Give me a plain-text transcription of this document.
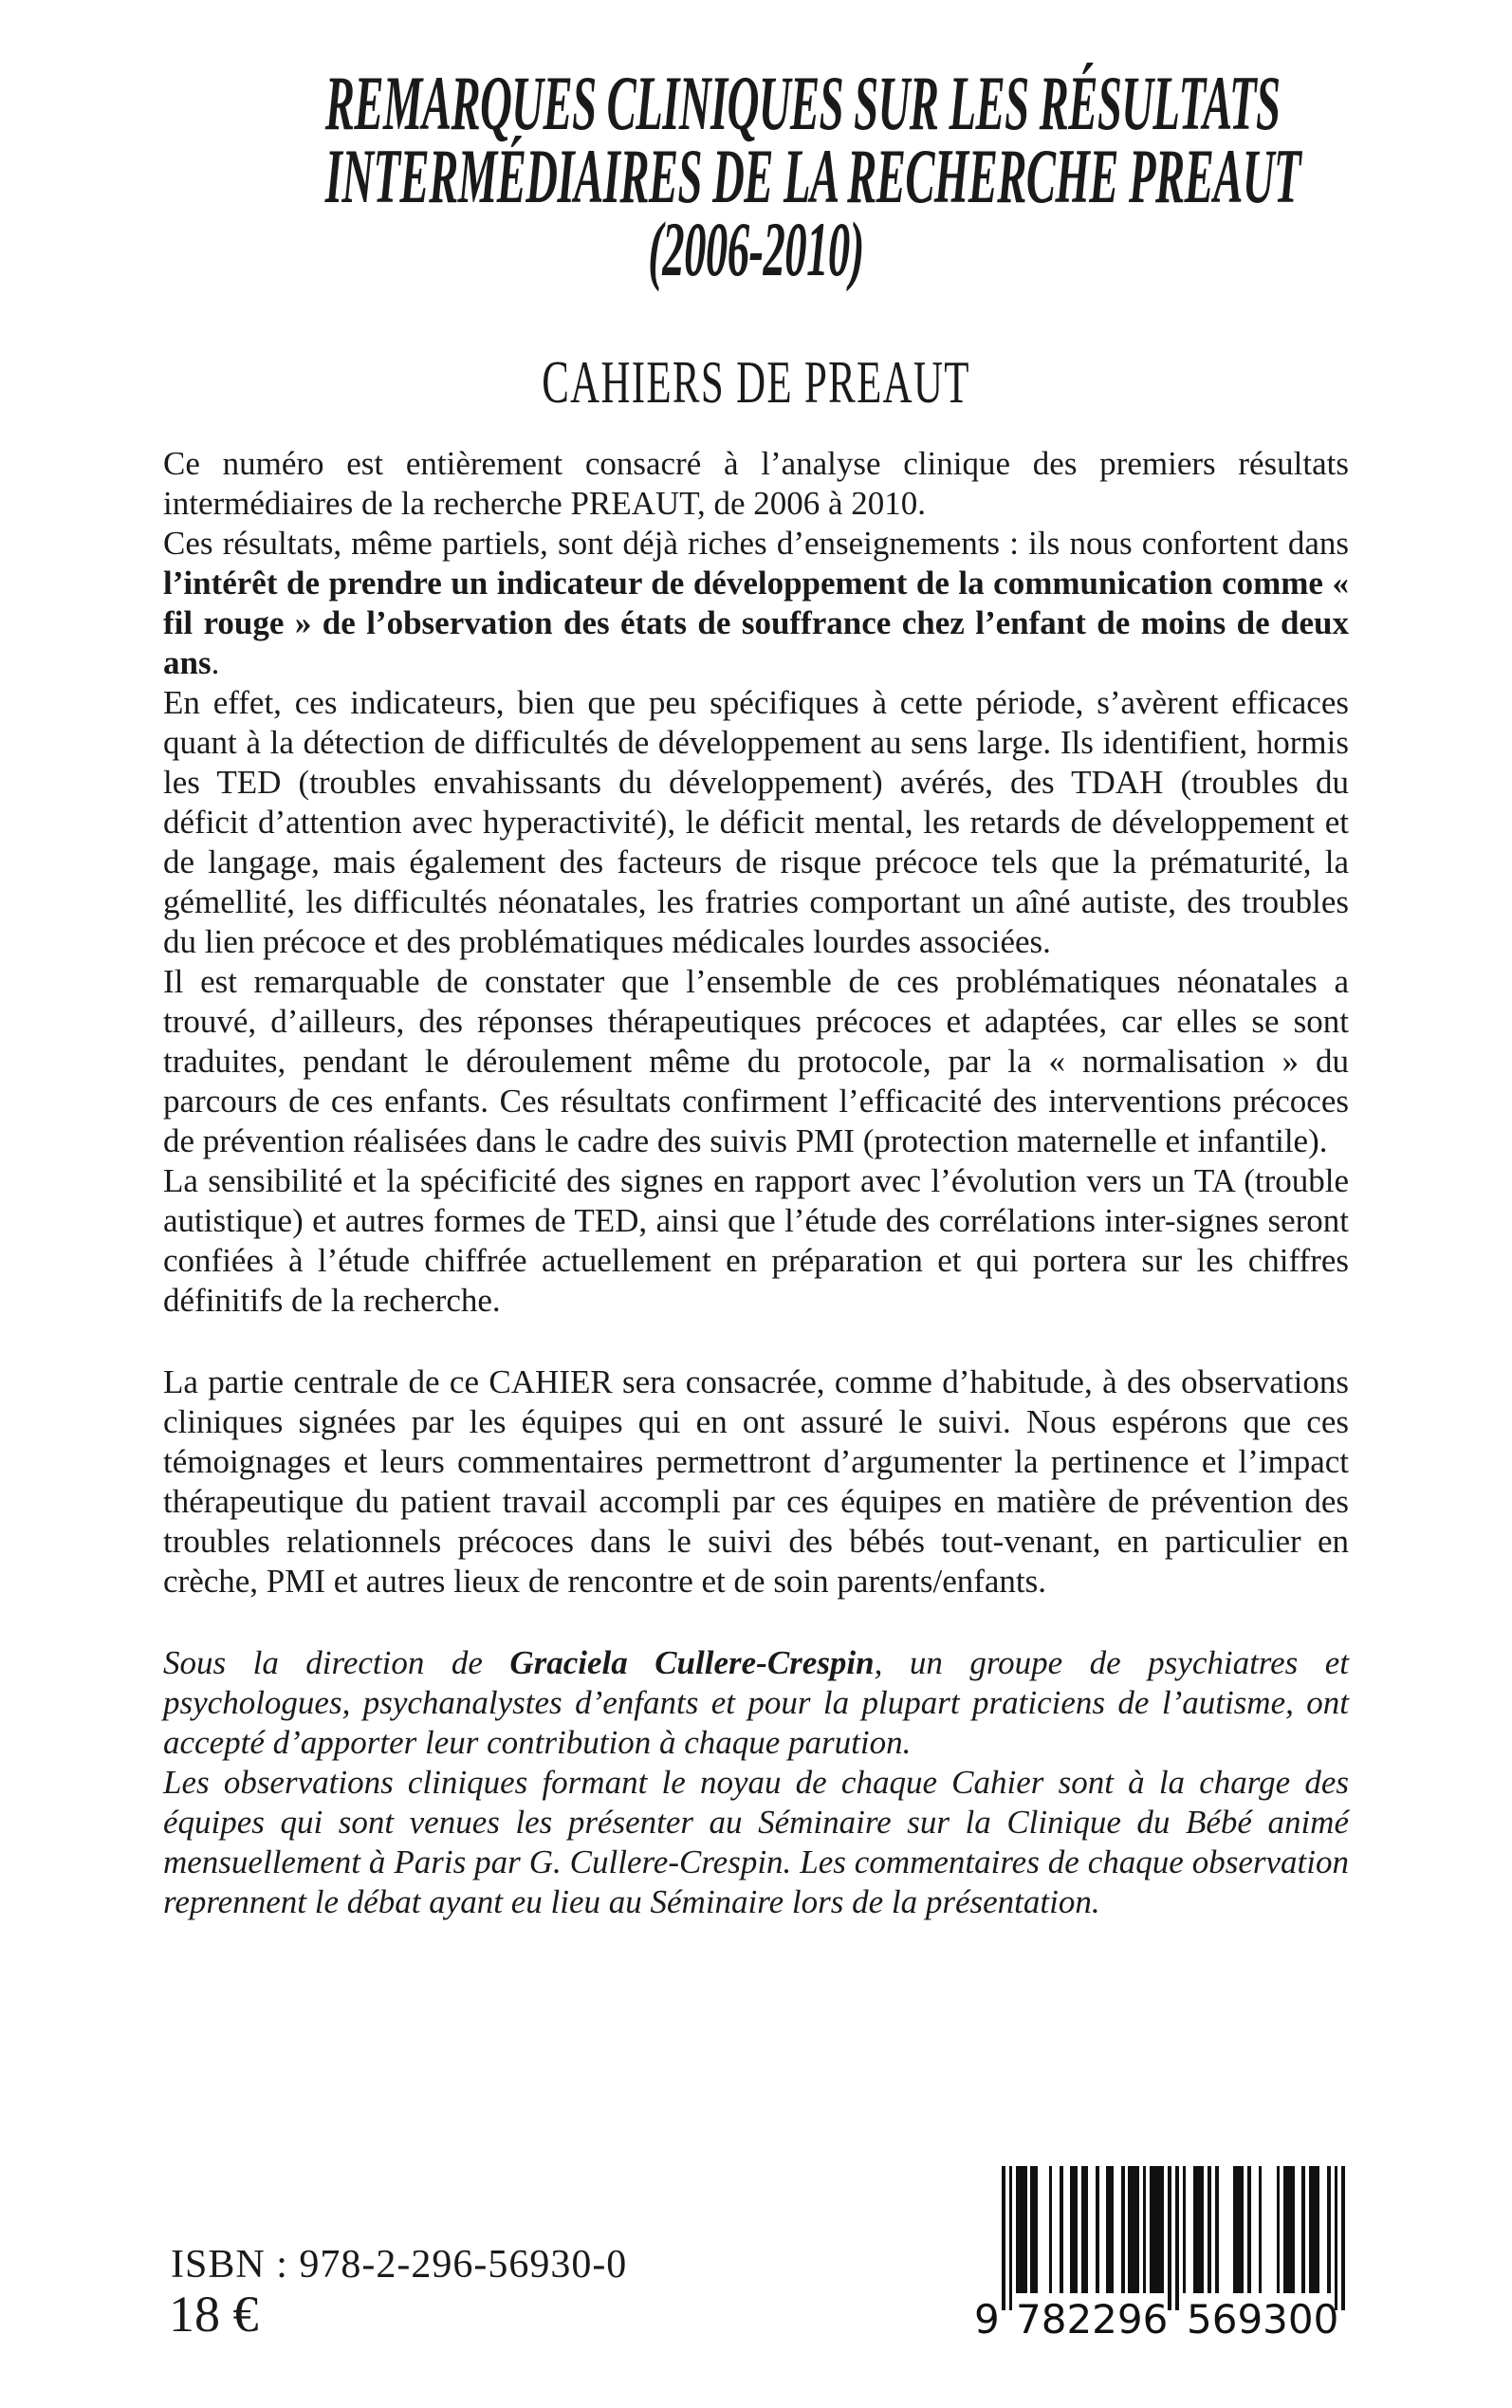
REMARQUES CLINIQUES SUR LES RÉSULTATS
INTERMÉDIAIRES DE LA RECHERCHE PREAUT
(2006-2010)
CAHIERS DE PREAUT

Ce numéro est entièrement consacré à l’analyse clinique des premiers résultats intermédiaires de la recherche PREAUT, de 2006 à 2010.

Ces résultats, même partiels, sont déjà riches d’enseignements : ils nous confortent dans l’intérêt de prendre un indicateur de développement de la communication comme « fil rouge » de l’observation des états de souffrance chez l’enfant de moins de deux ans.

En effet, ces indicateurs, bien que peu spécifiques à cette période, s’avèrent efficaces quant à la détection de difficultés de développement au sens large. Ils identifient, hormis les TED (troubles envahissants du développement) avérés, des TDAH (troubles du déficit d’attention avec hyperactivité), le déficit mental, les retards de développement et de langage, mais également des facteurs de risque précoce tels que la prématurité, la gémellité, les difficultés néonatales, les fratries comportant un aîné autiste, des troubles du lien précoce et des problématiques médicales lourdes associées.

Il est remarquable de constater que l’ensemble de ces problématiques néonatales a trouvé, d’ailleurs, des réponses thérapeutiques précoces et adaptées, car elles se sont traduites, pendant le déroulement même du protocole, par la « normalisation » du parcours de ces enfants. Ces résultats confirment l’efficacité des interventions précoces de prévention réalisées dans le cadre des suivis PMI (protection maternelle et infantile).

La sensibilité et la spécificité des signes en rapport avec l’évolution vers un TA (trouble autistique) et autres formes de TED, ainsi que l’étude des corrélations inter-signes seront confiées à l’étude chiffrée actuellement en préparation et qui portera sur les chiffres définitifs de la recherche.

La partie centrale de ce CAHIER sera consacrée, comme d’habitude, à des observations cliniques signées par les équipes qui en ont assuré le suivi. Nous espérons que ces témoignages et leurs commentaires permettront d’argumenter la pertinence et l’impact thérapeutique du patient travail accompli par ces équipes en matière de prévention des troubles relationnels précoces dans le suivi des bébés tout-venant, en particulier en crèche, PMI et autres lieux de rencontre et de soin parents/enfants.

Sous la direction de Graciela Cullere-Crespin, un groupe de psychiatres et psychologues, psychanalystes d’enfants et pour la plupart praticiens de l’autisme, ont accepté d’apporter leur contribution à chaque parution.

Les observations cliniques formant le noyau de chaque Cahier sont à la charge des équipes qui sont venues les présenter au Séminaire sur la Clinique du Bébé animé mensuellement à Paris par G. Cullere-Crespin. Les commentaires de chaque observation reprennent le débat ayant eu lieu au Séminaire lors de la présentation.

ISBN : 978-2-296-56930-0
18 €	9 782296 569300
